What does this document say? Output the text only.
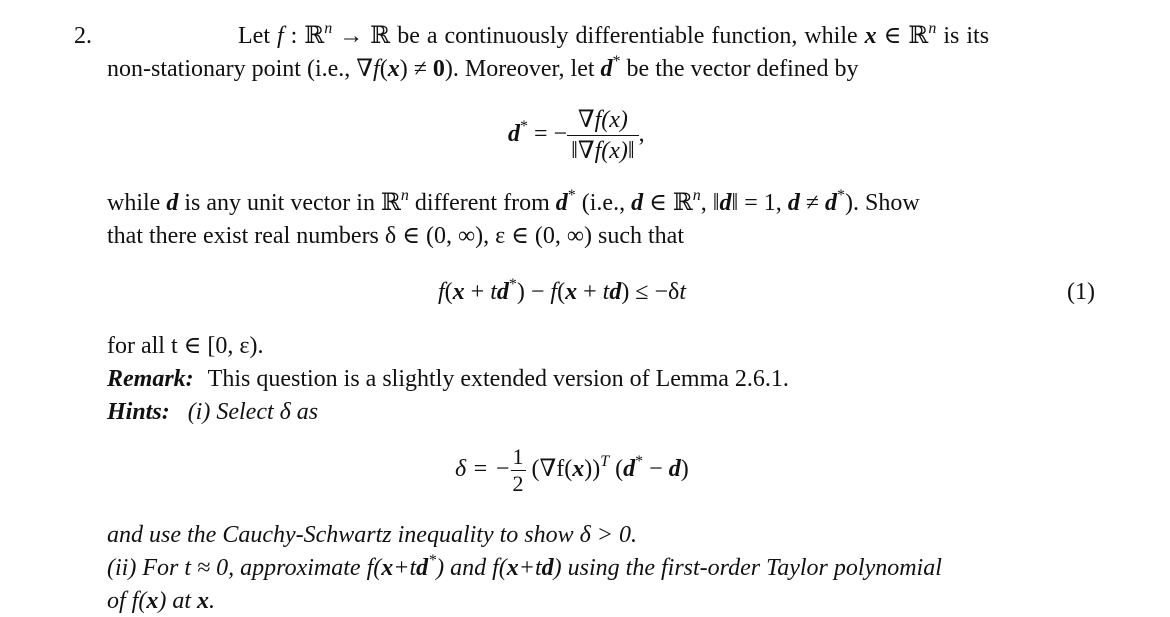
2.	Let f : ℝ$^n$ → ℝ be a continuously differentiable function, while x ∈ ℝ$^n$ is its
non-stationary point (i.e., ∇f(x) ≠ 0). Moreover, let d* be the vector defined by
d* = − $\frac{\nabla f(x)}{‖\nabla f(x)‖}$ ,
while d is any unit vector in ℝ$^n$ different from d* (i.e., d ∈ ℝ$^n$, ‖d‖ = 1, d ≠ d*). Show
that there exist real numbers δ ∈ (0, ∞), ε ∈ (0, ∞) such that
f(x + td*) − f(x + td) ≤ −δt	(1)
for all t ∈ [0, ε).
Remark: This question is a slightly extended version of Lemma 2.6.1.
Hints: (i) Select δ as
δ = − $\frac{1}{2} (\nabla f(x))^T$ (d* − d)
and use the Cauchy-Schwartz inequality to show δ > 0.
(ii) For t ≈ 0, approximate f(x+td*) and f(x+td) using the first-order Taylor polynomial
of f(x) at x.
